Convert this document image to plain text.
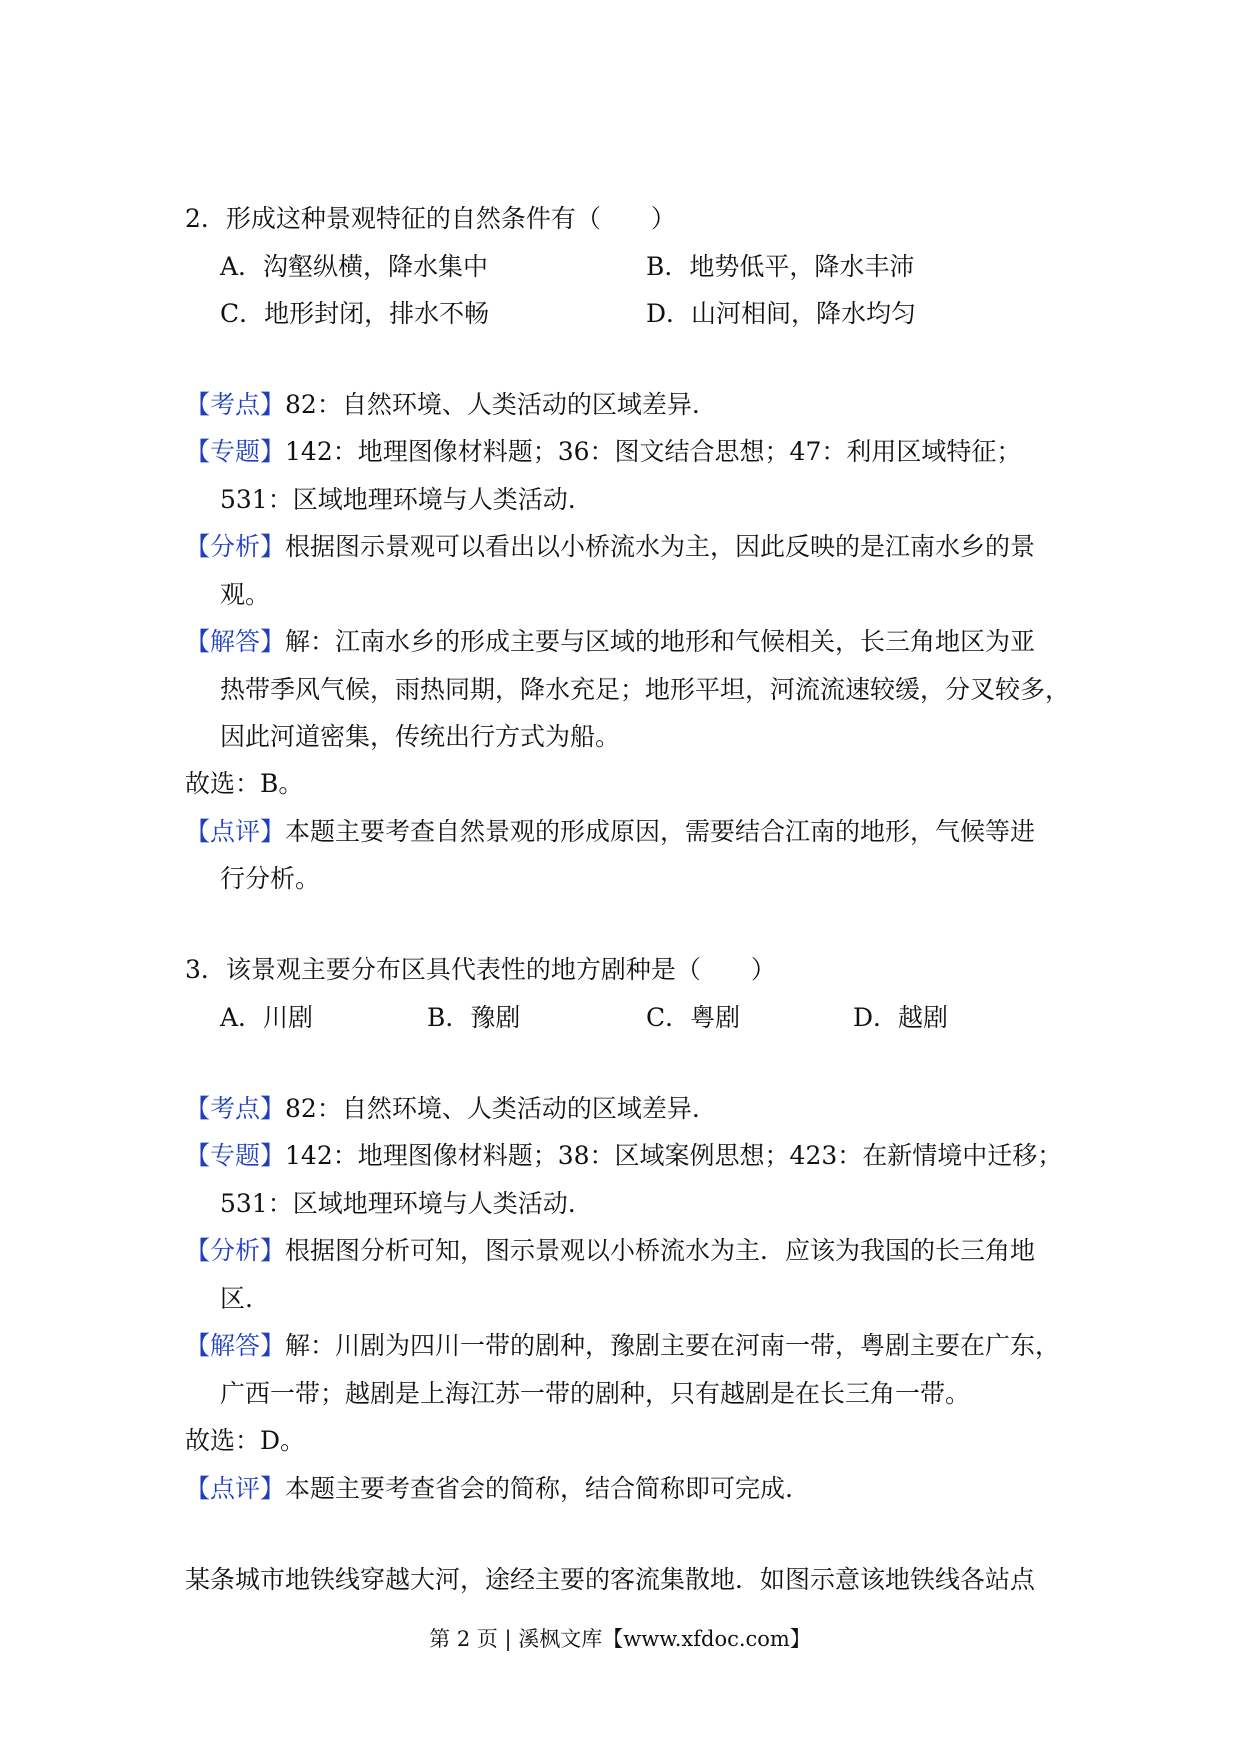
2．形成这种景观特征的自然条件有（　　）
A．沟壑纵横，降水集中	B．地势低平，降水丰沛
C．地形封闭，排水不畅	D．山河相间，降水均匀
【考点】82：自然环境、人类活动的区域差异.
【专题】142：地理图像材料题；36：图文结合思想；47：利用区域特征；
531：区域地理环境与人类活动.
【分析】根据图示景观可以看出以小桥流水为主，因此反映的是江南水乡的景
观。
【解答】解：江南水乡的形成主要与区域的地形和气候相关，长三角地区为亚
热带季风气候，雨热同期，降水充足；地形平坦，河流流速较缓，分叉较多，
因此河道密集，传统出行方式为船。
故选：B。
【点评】本题主要考查自然景观的形成原因，需要结合江南的地形，气候等进
行分析。
3．该景观主要分布区具代表性的地方剧种是（　　）
A．川剧	B．豫剧	C．粤剧	D．越剧
【考点】82：自然环境、人类活动的区域差异.
【专题】142：地理图像材料题；38：区域案例思想；423：在新情境中迁移；
531：区域地理环境与人类活动.
【分析】根据图分析可知，图示景观以小桥流水为主．应该为我国的长三角地
区.
【解答】解：川剧为四川一带的剧种，豫剧主要在河南一带，粤剧主要在广东，
广西一带；越剧是上海江苏一带的剧种，只有越剧是在长三角一带。
故选：D。
【点评】本题主要考查省会的简称，结合简称即可完成.
某条城市地铁线穿越大河，途经主要的客流集散地．如图示意该地铁线各站点
第 2 页 | 溪枫文库【www.xfdoc.com】
